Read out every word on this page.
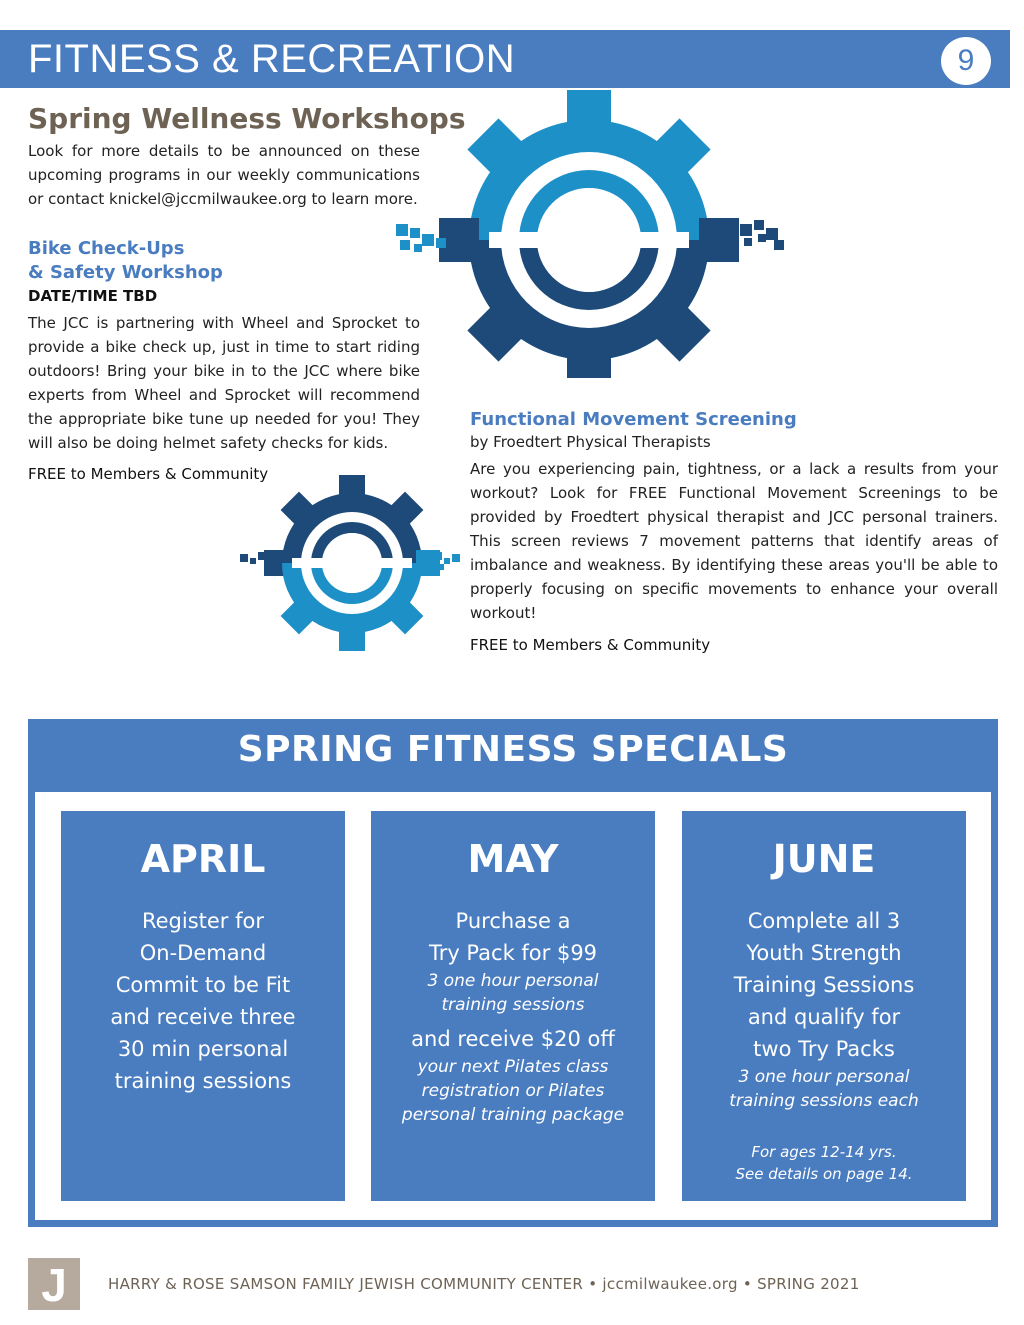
FITNESS & RECREATION	9
Spring Wellness Workshops

Look for more details to be announced on these upcoming programs in our weekly communications or contact knickel@jccmilwaukee.org to learn more.

Bike Check-Ups
& Safety Workshop
DATE/TIME TBD

The JCC is partnering with Wheel and Sprocket to provide a bike check up, just in time to start riding outdoors! Bring your bike in to the JCC where bike experts from Wheel and Sprocket will recommend the appropriate bike tune up needed for you! They will also be doing helmet safety checks for kids.

FREE to Members & Community
Functional Movement Screening
by Froedtert Physical Therapists

Are you experiencing pain, tightness, or a lack a results from your workout? Look for FREE Functional Movement Screenings to be provided by Froedtert physical therapist and JCC personal trainers. This screen reviews 7 movement patterns that identify areas of imbalance and weakness. By identifying these areas you'll be able to properly focusing on specific movements to enhance your overall workout!

FREE to Members & Community
SPRING FITNESS SPECIALS
APRIL
Register for
On-Demand
Commit to be Fit
and receive three
30 min personal
training sessions
MAY
Purchase a
Try Pack for $99
3 one hour personal
training sessions
and receive $20 off
your next Pilates class
registration or Pilates
personal training package
JUNE
Complete all 3
Youth Strength
Training Sessions
and qualify for
two Try Packs
3 one hour personal
training sessions each
For ages 12-14 yrs.
See details on page 14.
J	HARRY & ROSE SAMSON FAMILY JEWISH COMMUNITY CENTER • jccmilwaukee.org • SPRING 2021
